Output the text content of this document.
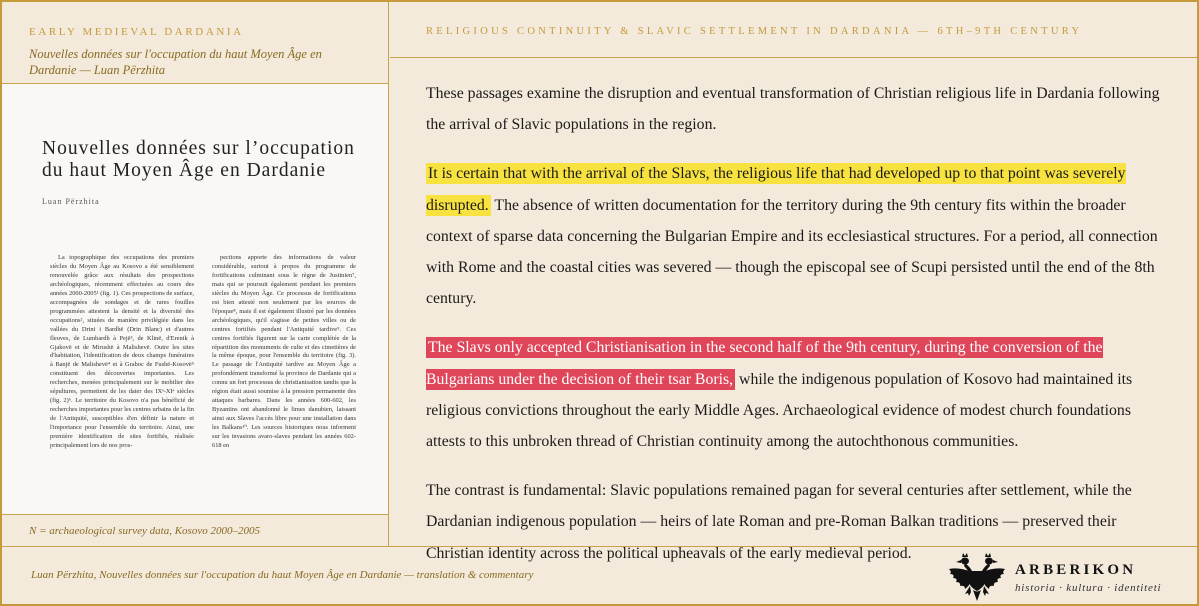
EARLY MEDIEVAL DARDANIA
Nouvelles données sur l'occupation du haut Moyen Âge en Dardanie — Luan Përzhita
Nouvelles données sur l’occupation
du haut Moyen Âge en Dardanie
Luan Përzhita
La topographique des occupations des premiers siècles du Moyen Âge au Kosovo a été sensiblement renouvelée grâce aux résultats des prospections archéologiques, récemment effectuées au cours des années 2000-2005¹ (fig. 1). Ces prospections de surface, accompagnées de sondages et de rares fouilles programmées attestent la densité et la diversité des occupations², situées de manière privilégiée dans les vallées du Drini i Bardhë (Drin Blanc) et d'autres fleuves, de Lumbardh à Pejë³, de Klinë, d'Erenik à Gjakovë et de Mirushë à Malishevë. Outre les sites d'habitation, l'identification de deux champs funéraires à Banjë de Malishevë⁴ et à Graboc de Fushë-Kosovë⁵ constituent des découvertes importantes. Les recherches, menées principalement sur le mobilier des sépultures, permettent de les dater des IXᵉ-XIᵉ siècles (fig. 2)⁶. Le territoire du Kosovo n'a pas bénéficié de recherches importantes pour les centres urbains de la fin de l'Antiquité, susceptibles d'en définir la nature et l'importance pour l'ensemble du territoire. Ainsi, une première identification de sites fortifiés, réalisée principalement lors de nos pros-
pections apporte des informations de valeur considérable, surtout à propos du programme de fortifications culminant sous le règne de Justinien⁷, mais qui se poursuit également pendant les premiers siècles du Moyen Âge. Ce processus de fortifications est bien attesté non seulement par les sources de l'époque⁸, mais il est également illustré par les données archéologiques, qu'il s'agisse de petites villes ou de centres fortifiés pendant l'Antiquité tardive⁹. Ces centres fortifiés figurent sur la carte complétée de la répartition des monuments de culte et des cimetières de la même époque, pour l'ensemble du territoire (fig. 3). Le passage de l'Antiquité tardive au Moyen Âge a profondément transformé la province de Dardanie qui a connu un fort processus de christianisation tandis que la région était aussi soumise à la pression permanente des attaques barbares. Dans les années 600-602, les Byzantins ont abandonné le limes danubien, laissant ainsi aux Slaves l'accès libre pour une installation dans les Balkans¹⁰. Les sources historiques nous informent sur les invasions avaro-slaves pendant les années 602-618 en
N = archaeological survey data, Kosovo 2000–2005
RELIGIOUS CONTINUITY & SLAVIC SETTLEMENT IN DARDANIA — 6TH–9TH CENTURY

These passages examine the disruption and eventual transformation of Christian religious life in Dardania following the arrival of Slavic populations in the region.

It is certain that with the arrival of the Slavs, the religious life that had developed up to that point was severely disrupted. The absence of written documentation for the territory during the 9th century fits within the broader context of sparse data concerning the Bulgarian Empire and its ecclesiastical structures. For a period, all connection with Rome and the coastal cities was severed — though the episcopal see of Scupi persisted until the end of the 8th century.

The Slavs only accepted Christianisation in the second half of the 9th century, during the conversion of the Bulgarians under the decision of their tsar Boris, while the indigenous population of Kosovo had maintained its religious convictions throughout the early Middle Ages. Archaeological evidence of modest church foundations attests to this unbroken thread of Christian continuity among the autochthonous communities.

The contrast is fundamental: Slavic populations remained pagan for several centuries after settlement, while the Dardanian indigenous population — heirs of late Roman and pre-Roman Balkan traditions — preserved their Christian identity across the political upheavals of the early medieval period.

Luan Përzhita, Nouvelles données sur l'occupation du haut Moyen Âge en Dardanie — translation & commentary	ARBERIKON
historia · kultura · identiteti
